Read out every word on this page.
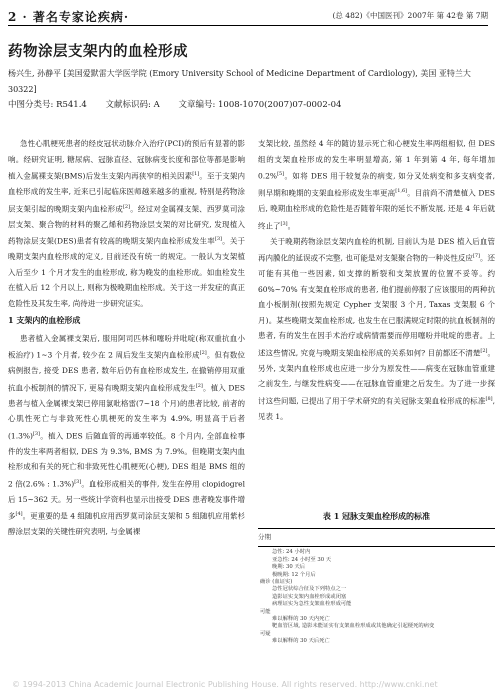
2 · 著名专家论疾病·	(总 482)《中国医刊》2007年 第 42卷 第 7期
药物涂层支架内的血栓形成
杨兴生, 孙静平 [美国爱默雷大学医学院 (Emory University School of Medicine Department of Cardiology), 美国 亚特兰大 30322]
中图分类号: R541.4 文献标识码: A 文章编号: 1008-1070(2007)07-0002-04

急性心肌梗死患者的经皮冠状动脉介入治疗(PCI)的预后有显著的影响。经研究证明, 糖尿病、冠脉直径、冠脉病变长度和部位等都是影响植入金属裸支架(BMS)后发生支架内再狭窄的相关因素[1]。至于支架内血栓形成的发生率, 近来已引起临床医师越来越多的重视, 特别是药物涂层支架引起的晚期支架内血栓形成[2]。经过对金属裸支架、西罗莫司涂层支架、聚合物的材料的聚乙烯和药物涂层支架的对比研究, 发现植入药物涂层支架(DES)患者有较高的晚期支架内血栓形成发生率[3]。关于晚期支架内血栓形成的定义, 目前还没有统一的规定。一般认为支架植入后至少 1 个月才发生的血栓形成, 称为晚发的血栓形成。如血栓发生在植入后 12 个月以上, 则称为极晚期血栓形成。关于这一并发症的真正危险性及其发生率, 尚待进一步研究证实。

1 支架内的血栓形成

患者植入金属裸支架后, 服用阿司匹林和噻吩并吡啶(称双重抗血小板治疗) 1~3 个月者, 较少在 2 周后发生支架内血栓形成[2]。但有数位病例报告, 接受 DES 患者, 数年后仍有血栓形成发生, 在撤销停用双重抗血小板制剂的情况下, 更易有晚期支架内血栓形成发生[2]。植入 DES 患者与植入金属裸支架已停用氯吡格雷(7~18 个月)的患者比较, 前者的心肌性死亡与非致死性心肌梗死的发生率为 4.9%, 明显高于后者(1.3%)[3]。植入 DES 后随血管的再通率较低。8 个月内, 全部血栓事件的发生率两者相似, DES 为 9.3%, BMS 为 7.9%。但晚期支架内血栓形成和有关的死亡和非致死性心肌梗死(心梗), DES 组是 BMS 组的 2 倍(2.6% : 1.3%)[3]。血栓形成相关的事件, 发生在停用 clopidogrel 后 15~362 天。另一些统计学资料也显示出接受 DES 患者晚发事件增多[4]。更重要的是 4 组随机应用西罗莫司涂层支架和 5 组随机应用紫杉醇涂层支架的关键性研究表明, 与金属裸

支架比较, 虽然经 4 年的随访显示死亡和心梗发生率两组相似, 但 DES 组的支架血栓形成的发生率明显增高, 第 1 年到第 4 年, 每年增加 0.2%[5]。如将 DES 用于较复杂的病变, 如分叉处病变和多支病变者, 则早期和晚期的支架血栓形成发生率更高[1,6]。目前尚不清楚植入 DES 后, 晚期血栓形成的危险性是否随着年限的延长不断发展, 还是 4 年后就终止了[3]。

关于晚期药物涂层支架内血栓的机制, 目前认为是 DES 植入后血管再内膜化的延误或不完整, 也可能是对支架聚合物的一种炎性反应[7]。还可能有其他一些因素, 如支撑的断裂和支架放置的位置不妥等。约 60%~70% 有支架血栓形成的患者, 他们提前停服了应该服用的两种抗血小板制剂(按照先规定 Cypher 支架服 3 个月, Taxas 支架服 6 个月)。某些晚期支架血栓形成, 也发生在已服满规定时限的抗血板制剂的患者, 有的发生在因手术治疗或病情需要而停用噻吩并吡啶的患者。上述这些情况, 究竟与晚期支架血栓形成的关系如何? 目前都还不清楚[2]。另外, 支架内血栓形成也应进一步分为原发性——病变在冠脉血管重建之前发生, 与继发性病变——在冠脉血管重建之后发生。为了进一步探讨这些问题, 已提出了用于学术研究的有关冠脉支架血栓形成的标准[8], 见表 1。

表 1 冠脉支架血栓形成的标准
分期
急性: 24 小时内
亚急性: 24 小时至 30 天
晚期: 30 天后
极晚期: 12 个月后
确诊 (血证实)
急性冠状综合征及下列特点之一
造影证实支架内血栓形成或闭塞
病理证实为急性支架血栓形成可能
可能
难以解释的 30 天内死亡
靶血管区域, 造影未能证实有支架血栓形成或其他确定引起梗死的病变
可疑
难以解释的 30 天后死亡
© 1994-2013 China Academic Journal Electronic Publishing House. All rights reserved. http://www.cnki.net
